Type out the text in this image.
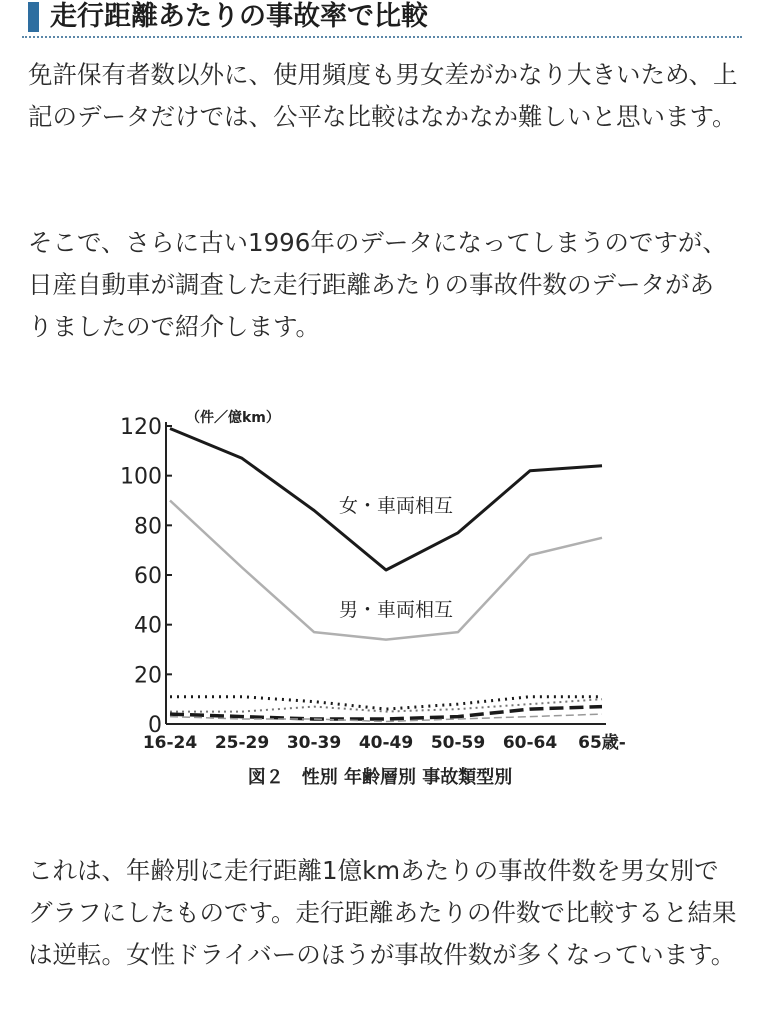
走行距離あたりの事故率で比較

免許保有者数以外に、使用頻度も男女差がかなり大きいため、上記のデータだけでは、公平な比較はなかなか難しいと思います。

そこで、さらに古い1996年のデータになってしまうのですが、日産自動車が調査した走行距離あたりの事故件数のデータがありましたので紹介します。

0
20
40
60
80
100
120
16-24 25-29 30-39 40-49 50-59 60-64 65歳-
（件／億km）
女・車両相互
男・車両相互
図２　性別 年齢層別 事故類型別

これは、年齢別に走行距離1億kmあたりの事故件数を男女別でグラフにしたものです。走行距離あたりの件数で比較すると結果は逆転。女性ドライバーのほうが事故件数が多くなっています。
